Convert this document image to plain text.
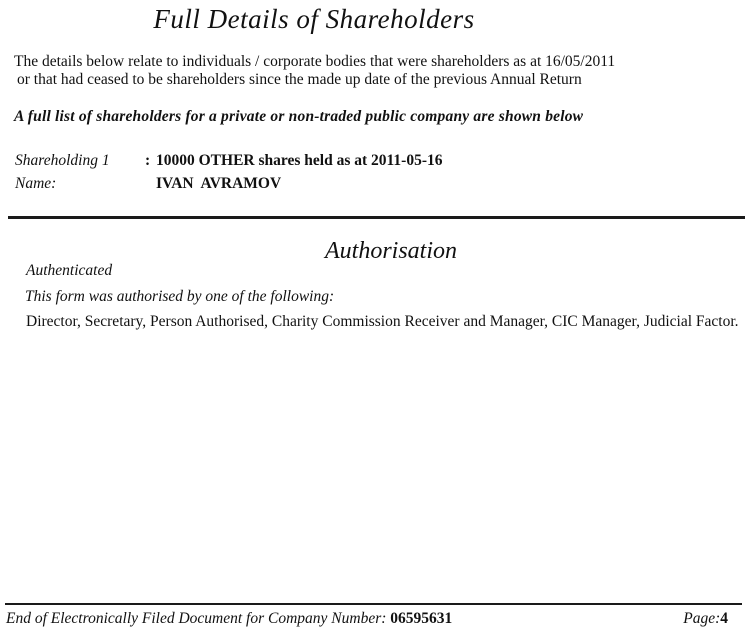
Full Details of Shareholders
The details below relate to individuals / corporate bodies that were shareholders as at 16/05/2011
or that had ceased to be shareholders since the made up date of the previous Annual Return
A full list of shareholders for a private or non-traded public company are shown below
Shareholding 1	: 10000 OTHER shares held as at 2011-05-16
Name:	IVAN  AVRAMOV
Authorisation
Authenticated
This form was authorised by one of the following:
Director, Secretary, Person Authorised, Charity Commission Receiver and Manager, CIC Manager, Judicial Factor.
End of Electronically Filed Document for Company Number: 06595631	Page:4
